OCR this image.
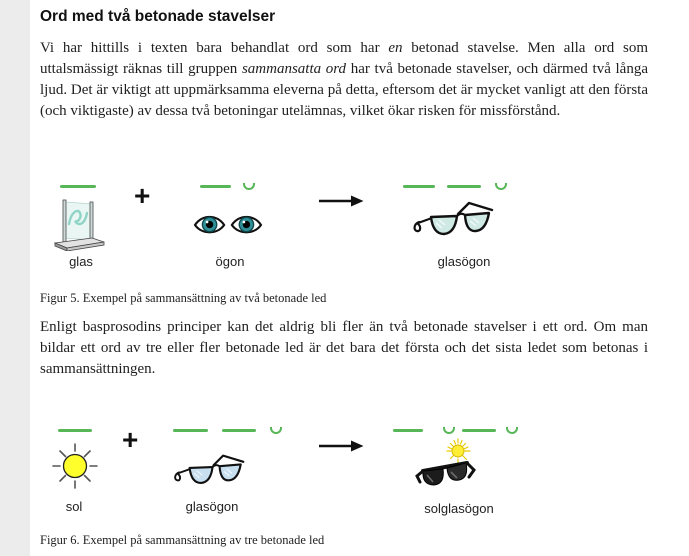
Ord med två betonade stavelser
Vi har hittills i texten bara behandlat ord som har en betonad stavelse. Men alla ord som uttalsmässigt räknas till gruppen sammansatta ord har två betonade stavelser, och därmed två långa ljud. Det är viktigt att uppmärksamma eleverna på detta, eftersom det är mycket vanligt att den första (och viktigaste) av dessa två betoningar utelämnas, vilket ökar risken för missförstånd.
glas
+
ögon	glasögon
Figur 5. Exempel på sammansättning av två betonade led
Enligt basprosodins principer kan det aldrig bli fler än två betonade stavelser i ett ord. Om man bildar ett ord av tre eller fler betonade led är det bara det första och det sista ledet som betonas i sammansättningen.
sol
+
glasögon	solglasögon
Figur 6. Exempel på sammansättning av tre betonade led
